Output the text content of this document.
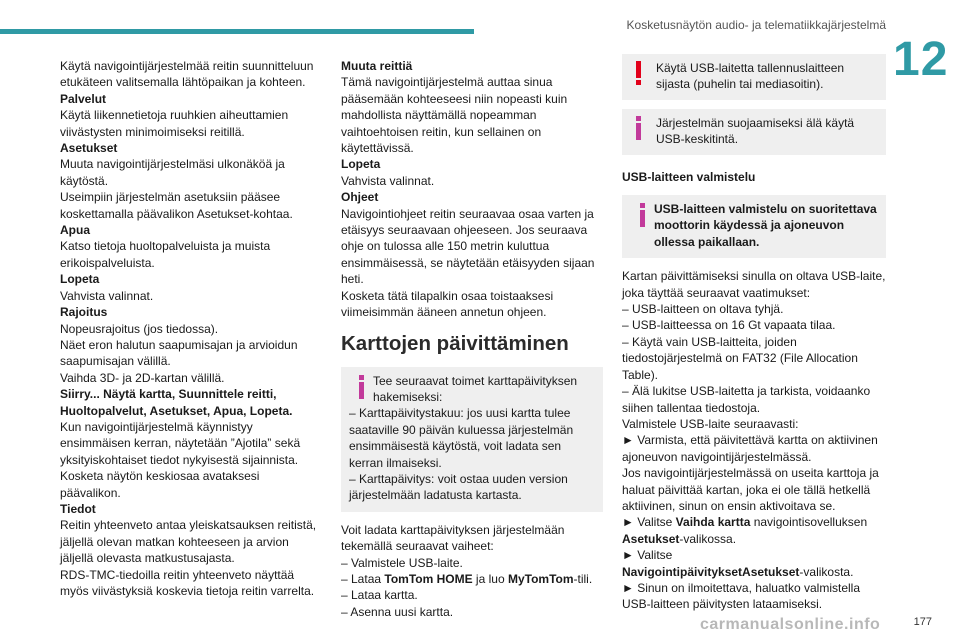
Kosketusnäytön audio- ja telematiikkajärjestelmä
12

Käytä navigointijärjestelmää reitin suunnitteluun etukäteen valitsemalla lähtöpaikan ja kohteen.

Palvelut

Käytä liikennetietoja ruuhkien aiheuttamien viivästysten minimoimiseksi reitillä.

Asetukset

Muuta navigointijärjestelmäsi ulkonäköä ja käytöstä.

Useimpiin järjestelmän asetuksiin pääsee koskettamalla päävalikon Asetukset-kohtaa.

Apua

Katso tietoja huoltopalveluista ja muista erikoispalveluista.

Lopeta

Vahvista valinnat.

Rajoitus

Nopeusrajoitus (jos tiedossa).

Näet eron halutun saapumisajan ja arvioidun saapumisajan välillä.

Vaihda 3D- ja 2D-kartan välillä.

Siirry... Näytä kartta, Suunnittele reitti, Huoltopalvelut, Asetukset, Apua, Lopeta.

Kun navigointijärjestelmä käynnistyy ensimmäisen kerran, näytetään ”Ajotila” sekä yksityiskohtaiset tiedot nykyisestä sijainnista.

Kosketa näytön keskiosaa avataksesi päävalikon.

Tiedot

Reitin yhteenveto antaa yleiskatsauksen reitistä, jäljellä olevan matkan kohteeseen ja arvion jäljellä olevasta matkustusajasta.

RDS-TMC-tiedoilla reitin yhteenveto näyttää myös viivästyksiä koskevia tietoja reitin varrelta.

Muuta reittiä

Tämä navigointijärjestelmä auttaa sinua pääsemään kohteeseesi niin nopeasti kuin mahdollista näyttämällä nopeamman vaihtoehtoisen reitin, kun sellainen on käytettävissä.

Lopeta

Vahvista valinnat.

Ohjeet

Navigointiohjeet reitin seuraavaa osaa varten ja etäisyys seuraavaan ohjeeseen. Jos seuraava ohje on tulossa alle 150 metrin kuluttua ensimmäisessä, se näytetään etäisyyden sijaan heti.

Kosketa tätä tilapalkin osaa toistaaksesi viimeisimmän ääneen annetun ohjeen.

Karttojen päivittäminen

Tee seuraavat toimet karttapäivityksen hakemiseksi:

– Karttapäivitystakuu: jos uusi kartta tulee saataville 90 päivän kuluessa järjestelmän ensimmäisestä käytöstä, voit ladata sen kerran ilmaiseksi.

– Karttapäivitys: voit ostaa uuden version järjestelmään ladatusta kartasta.

Voit ladata karttapäivityksen järjestelmään tekemällä seuraavat vaiheet:

– Valmistele USB-laite.

– Lataa TomTom HOME ja luo MyTomTom-tili.

– Lataa kartta.

– Asenna uusi kartta.

Käytä USB-laitetta tallennuslaitteen sijasta (puhelin tai mediasoitin).

Järjestelmän suojaamiseksi älä käytä USB-keskitintä.

USB-laitteen valmistelu

USB-laitteen valmistelu on suoritettava moottorin käydessä ja ajoneuvon ollessa paikallaan.

Kartan päivittämiseksi sinulla on oltava USB-laite, joka täyttää seuraavat vaatimukset:

– USB-laitteen on oltava tyhjä.

– USB-laitteessa on 16 Gt vapaata tilaa.

– Käytä vain USB-laitteita, joiden tiedostojärjestelmä on FAT32 (File Allocation Table).

– Älä lukitse USB-laitetta ja tarkista, voidaanko siihen tallentaa tiedostoja.

Valmistele USB-laite seuraavasti:

► Varmista, että päivitettävä kartta on aktiivinen ajoneuvon navigointijärjestelmässä.

Jos navigointijärjestelmässä on useita karttoja ja haluat päivittää kartan, joka ei ole tällä hetkellä aktiivinen, sinun on ensin aktivoitava se.

► Valitse Vaihda kartta navigointisovelluksen Asetukset-valikossa.

► Valitse

NavigointipäivityksetAsetukset-valikosta.

► Sinun on ilmoitettava, haluatko valmistella USB-laitteen päivitysten lataamiseksi.

carmanualsonline.info	177
